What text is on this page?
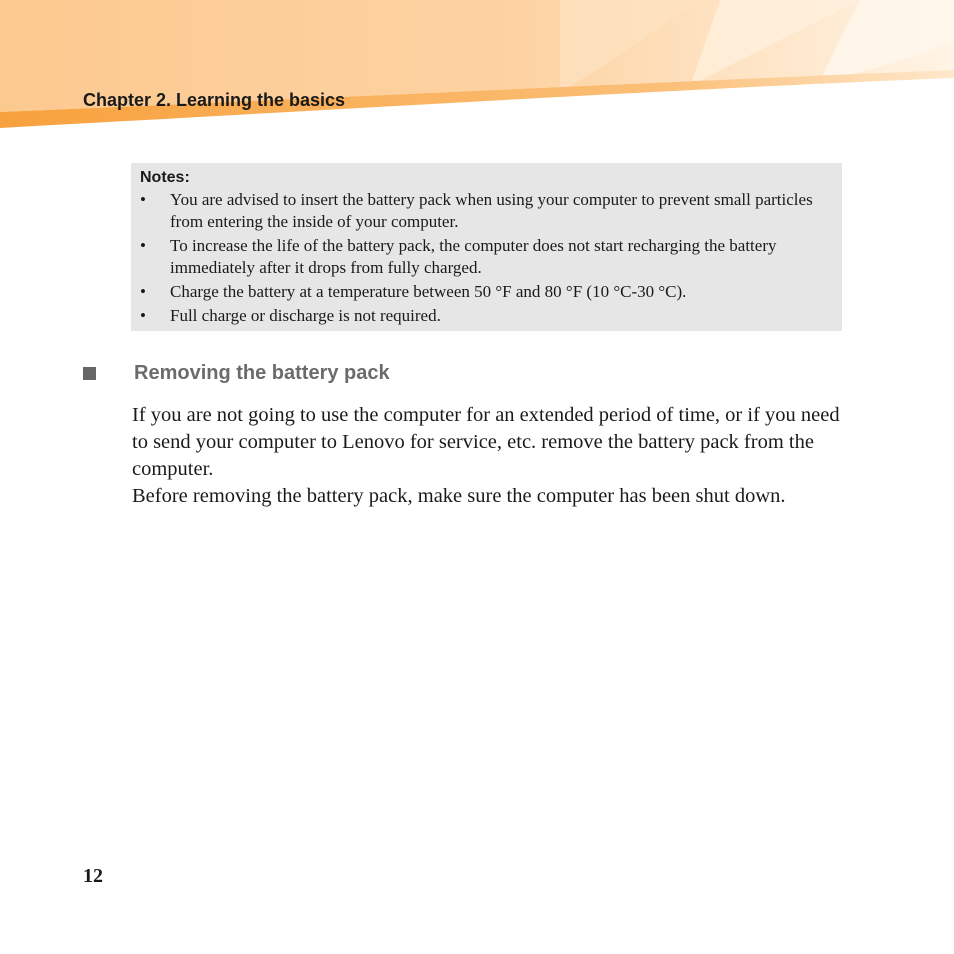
Chapter 2. Learning the basics
Notes:
•	You are advised to insert the battery pack when using your computer to prevent small particles from entering the inside of your computer.
•	To increase the life of the battery pack, the computer does not start recharging the battery immediately after it drops from fully charged.
•	Charge the battery at a temperature between 50 °F and 80 °F (10 °C-30 °C).
•	Full charge or discharge is not required.
Removing the battery pack

If you are not going to use the computer for an extended period of time, or if you need to send your computer to Lenovo for service, etc. remove the battery pack from the computer.

Before removing the battery pack, make sure the computer has been shut down.

12
